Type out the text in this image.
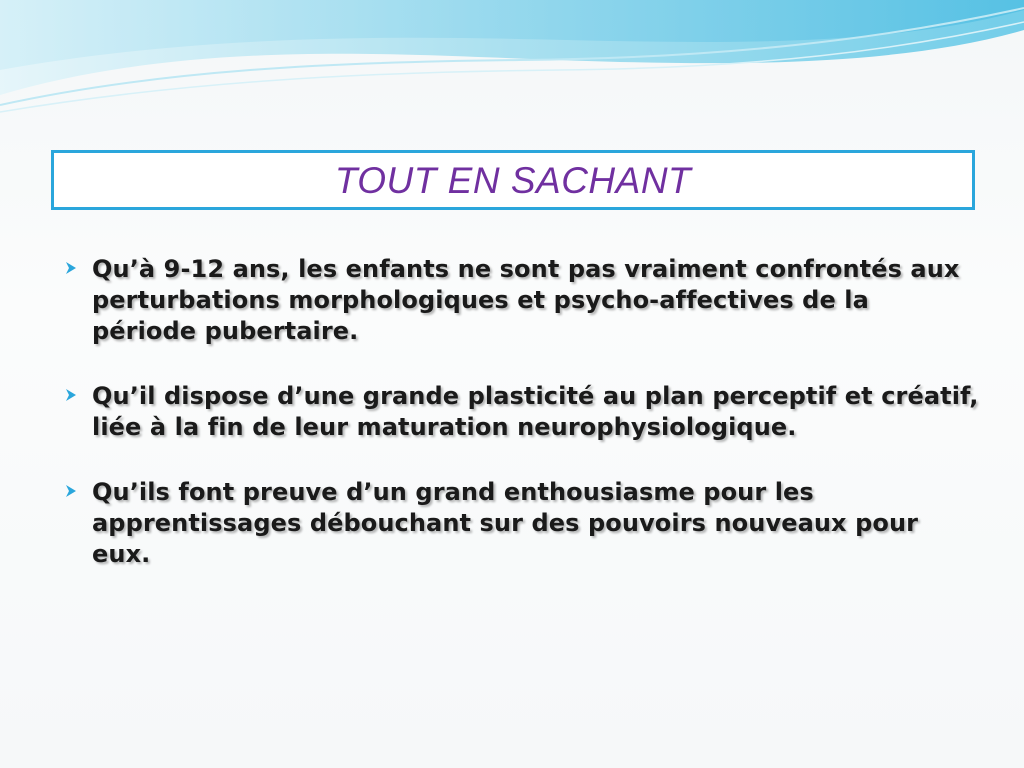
TOUT EN SACHANT
Qu’à 9-12 ans, les enfants ne sont pas vraiment confrontés aux perturbations morphologiques et psycho-affectives de la période pubertaire.
Qu’il dispose d’une grande plasticité au plan perceptif et créatif, liée à la fin de leur maturation neurophysiologique.
Qu’ils font preuve d’un grand enthousiasme pour les apprentissages débouchant sur des pouvoirs nouveaux pour eux.
